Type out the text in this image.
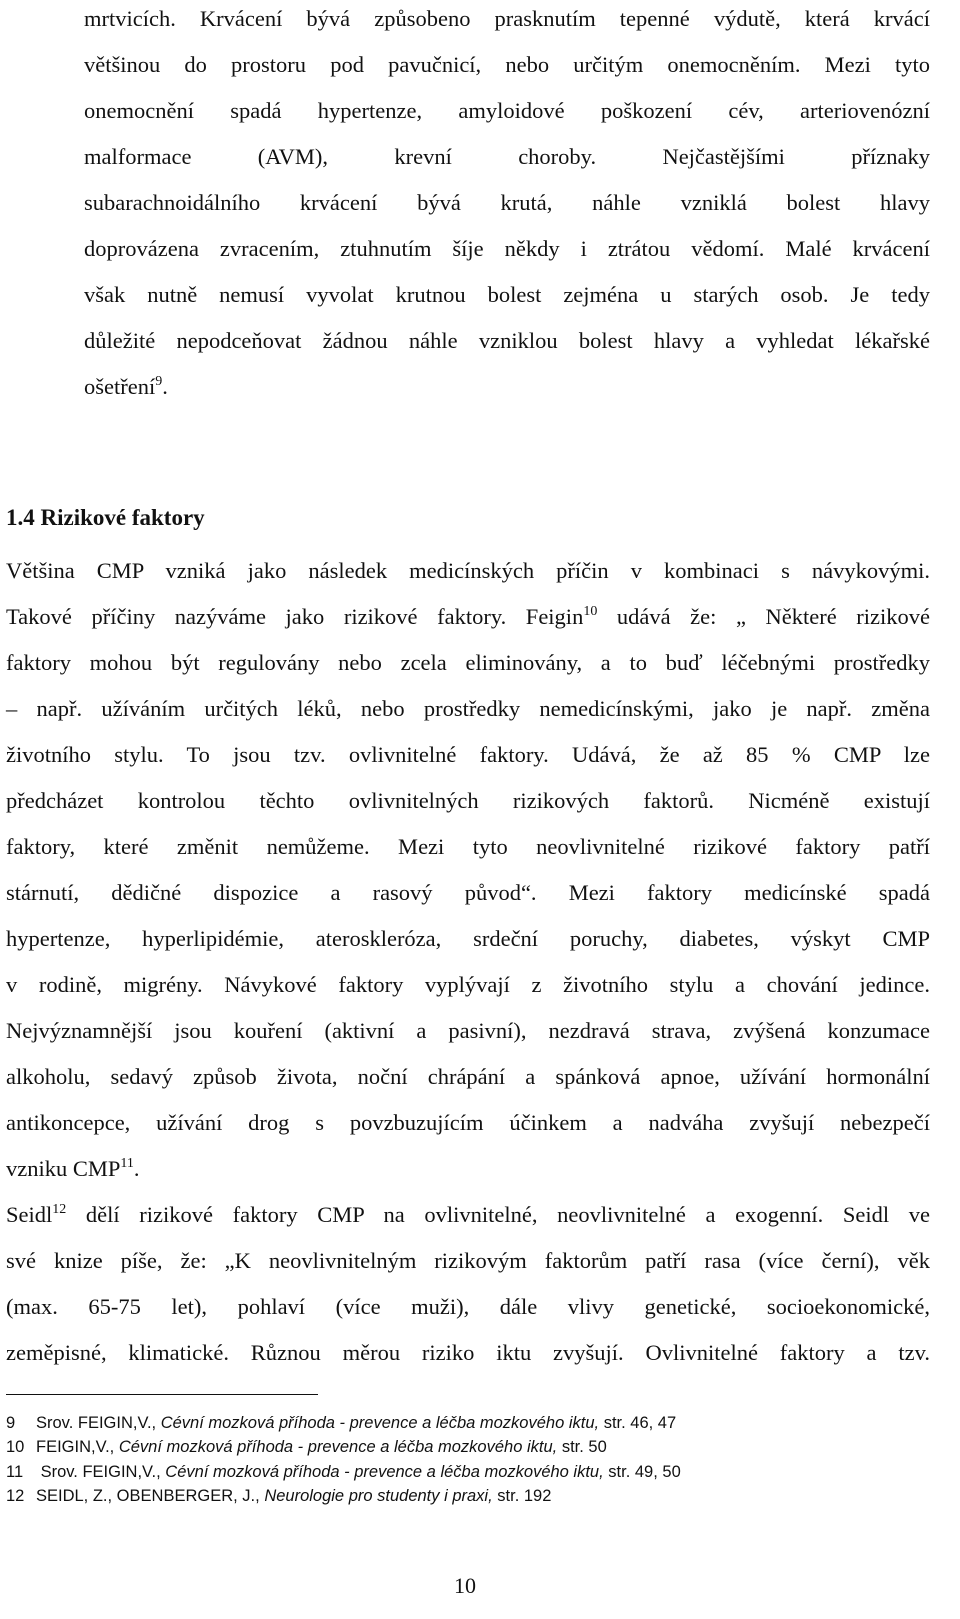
mrtvicích. Krvácení bývá způsobeno prasknutím tepenné výdutě, která krvácí
většinou do prostoru pod pavučnicí, nebo určitým onemocněním. Mezi tyto
onemocnění spadá hypertenze, amyloidové poškození cév, arteriovenózní
malformace (AVM), krevní choroby. Nejčastějšími příznaky
subarachnoidálního krvácení bývá krutá, náhle vzniklá bolest hlavy
doprovázena zvracením, ztuhnutím šíje někdy i ztrátou vědomí. Malé krvácení
však nutně nemusí vyvolat krutnou bolest zejména u starých osob. Je tedy
důležité nepodceňovat žádnou náhle vzniklou bolest hlavy a vyhledat lékařské
ošetření$^9$.
1.4 Rizikové faktory
Většina CMP vzniká jako následek medicínských příčin v kombinaci s návykovými.
Takové příčiny nazýváme jako rizikové faktory. Feigin$^{10}$ udává že: „ Některé rizikové
faktory mohou být regulovány nebo zcela eliminovány, a to buď léčebnými prostředky
– např. užíváním určitých léků, nebo prostředky nemedicínskými, jako je např. změna
životního stylu. To jsou tzv. ovlivnitelné faktory. Udává, že až 85 % CMP lze
předcházet kontrolou těchto ovlivnitelných rizikových faktorů. Nicméně existují
faktory, které změnit nemůžeme. Mezi tyto neovlivnitelné rizikové faktory patří
stárnutí, dědičné dispozice a rasový původ“. Mezi faktory medicínské spadá
hypertenze, hyperlipidémie, ateroskleróza, srdeční poruchy, diabetes, výskyt CMP
v rodině, migrény. Návykové faktory vyplývají z životního stylu a chování jedince.
Nejvýznamnější jsou kouření (aktivní a pasivní), nezdravá strava, zvýšená konzumace
alkoholu, sedavý způsob života, noční chrápání a spánková apnoe, užívání hormonální
antikoncepce, užívání drog s povzbuzujícím účinkem a nadváha zvyšují nebezpečí
vzniku CMP$^{11}$.
Seidl$^{12}$ dělí rizikové faktory CMP na ovlivnitelné, neovlivnitelné a exogenní. Seidl ve
své knize píše, že: „K neovlivnitelným rizikovým faktorům patří rasa (více černí), věk
(max. 65-75 let), pohlaví (více muži), dále vlivy genetické, socioekonomické,
zeměpisné, klimatické. Různou měrou riziko iktu zvyšují. Ovlivnitelné faktory a tzv.
9 Srov. FEIGIN,V., Cévní mozková příhoda - prevence a léčba mozkového iktu, str. 46, 47
10 FEIGIN,V., Cévní mozková příhoda - prevence a léčba mozkového iktu, str. 50
11 Srov. FEIGIN,V., Cévní mozková příhoda - prevence a léčba mozkového iktu, str. 49, 50
12 SEIDL, Z., OBENBERGER, J., Neurologie pro studenty i praxi, str. 192
10
